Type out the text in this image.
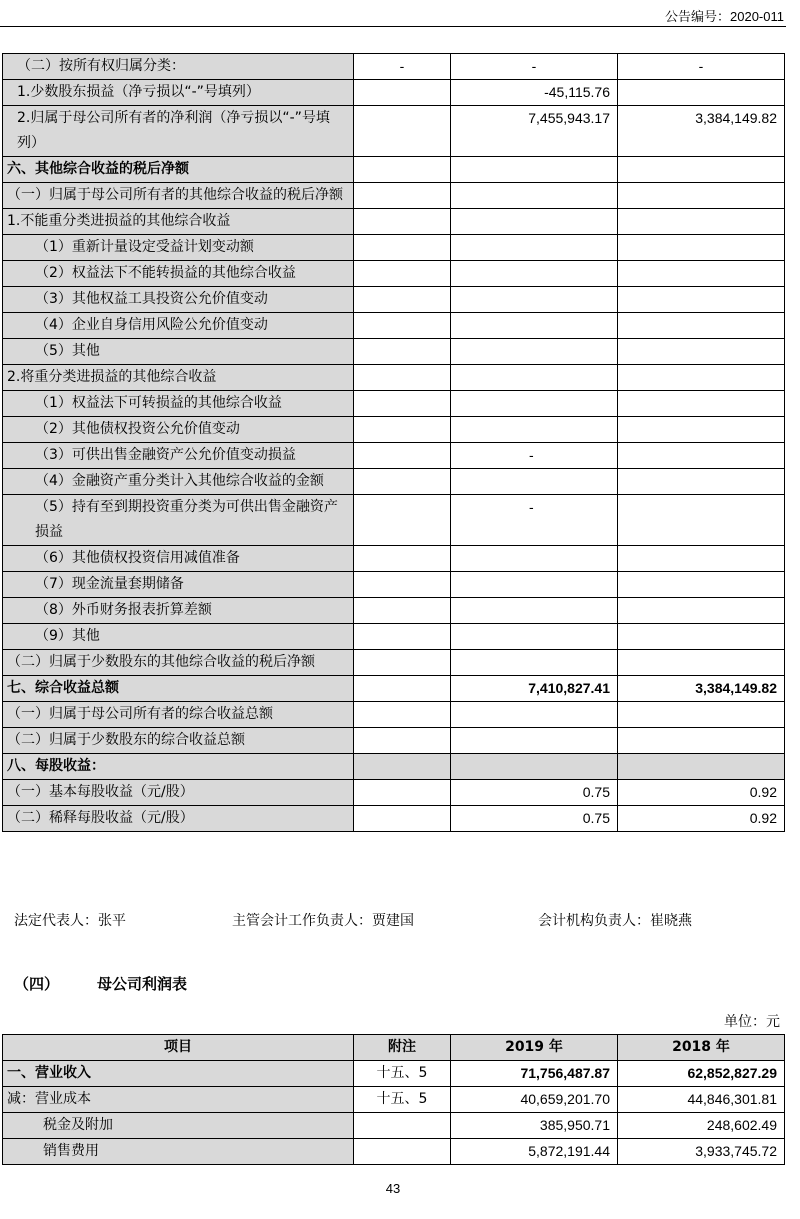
公告编号：2020-011
（二）按所有权归属分类：	-	-	-
1.少数股东损益（净亏损以“-”号填列）		-45,115.76	
2.归属于母公司所有者的净利润（净亏损以“-”号填列）		7,455,943.17	3,384,149.82
六、其他综合收益的税后净额			
（一）归属于母公司所有者的其他综合收益的税后净额			
1.不能重分类进损益的其他综合收益			
（1）重新计量设定受益计划变动额			
（2）权益法下不能转损益的其他综合收益			
（3）其他权益工具投资公允价值变动			
（4）企业自身信用风险公允价值变动			
（5）其他			
2.将重分类进损益的其他综合收益			
（1）权益法下可转损益的其他综合收益			
（2）其他债权投资公允价值变动			
（3）可供出售金融资产公允价值变动损益		-	
（4）金融资产重分类计入其他综合收益的金额			
（5）持有至到期投资重分类为可供出售金融资产损益		-	
（6）其他债权投资信用减值准备			
（7）现金流量套期储备			
（8）外币财务报表折算差额			
（9）其他			
（二）归属于少数股东的其他综合收益的税后净额			
七、综合收益总额		7,410,827.41	3,384,149.82
（一）归属于母公司所有者的综合收益总额			
（二）归属于少数股东的综合收益总额			
八、每股收益：			
（一）基本每股收益（元/股）		0.75	0.92
（二）稀释每股收益（元/股）		0.75	0.92
法定代表人：张平	主管会计工作负责人：贾建国	会计机构负责人：崔晓燕
（四）	母公司利润表
单位：元
项目	附注	2019 年	2018 年
一、营业收入	十五、5	71,756,487.87	62,852,827.29
减：营业成本	十五、5	40,659,201.70	44,846,301.81
税金及附加		385,950.71	248,602.49
销售费用		5,872,191.44	3,933,745.72
43
